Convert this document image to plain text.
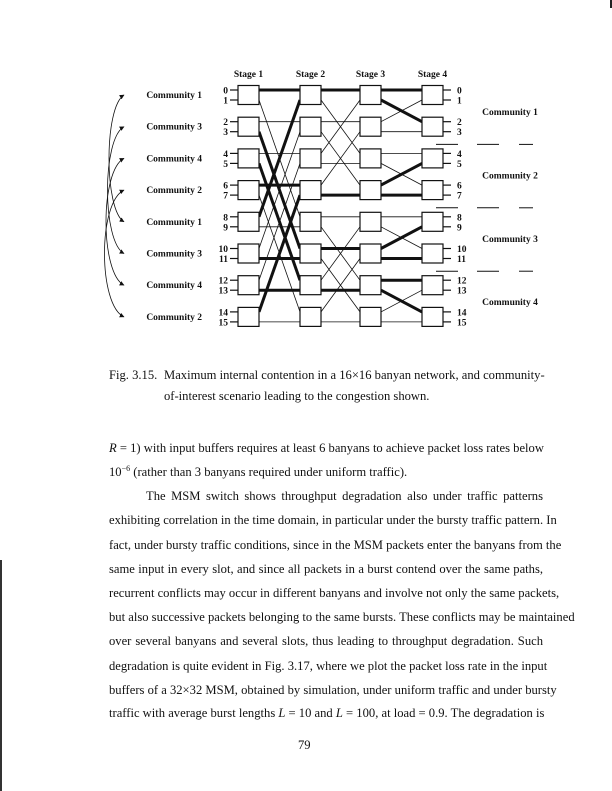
Stage 1	Stage 2	Stage 3	Stage 4
0	0
1	1
2	2
3	3
4	4
5	5
6	6
7	7
8	8
9	9
10	10
11	11
12	12
13	13
14	14
15	15
Community 1
Community 3
Community 4
Community 2
Community 1
Community 3
Community 4
Community 2
Community 1
Community 2
Community 3
Community 4
Fig. 3.15. Maximum internal contention in a 16×16 banyan network, and community-
of-interest scenario leading to the congestion shown.
R = 1) with input buffers requires at least 6 banyans to achieve packet loss rates below
$10^{-6}$ (rather than 3 banyans required under uniform traffic).
The MSM switch shows throughput degradation also under traffic patterns
exhibiting correlation in the time domain, in particular under the bursty traffic pattern. In
fact, under bursty traffic conditions, since in the MSM packets enter the banyans from the
same input in every slot, and since all packets in a burst contend over the same paths,
recurrent conflicts may occur in different banyans and involve not only the same packets,
but also successive packets belonging to the same bursts. These conflicts may be maintained
over several banyans and several slots, thus leading to throughput degradation. Such
degradation is quite evident in Fig. 3.17, where we plot the packet loss rate in the input
buffers of a 32×32 MSM, obtained by simulation, under uniform traffic and under bursty
traffic with average burst lengths L = 10 and L = 100, at load = 0.9. The degradation is
79
